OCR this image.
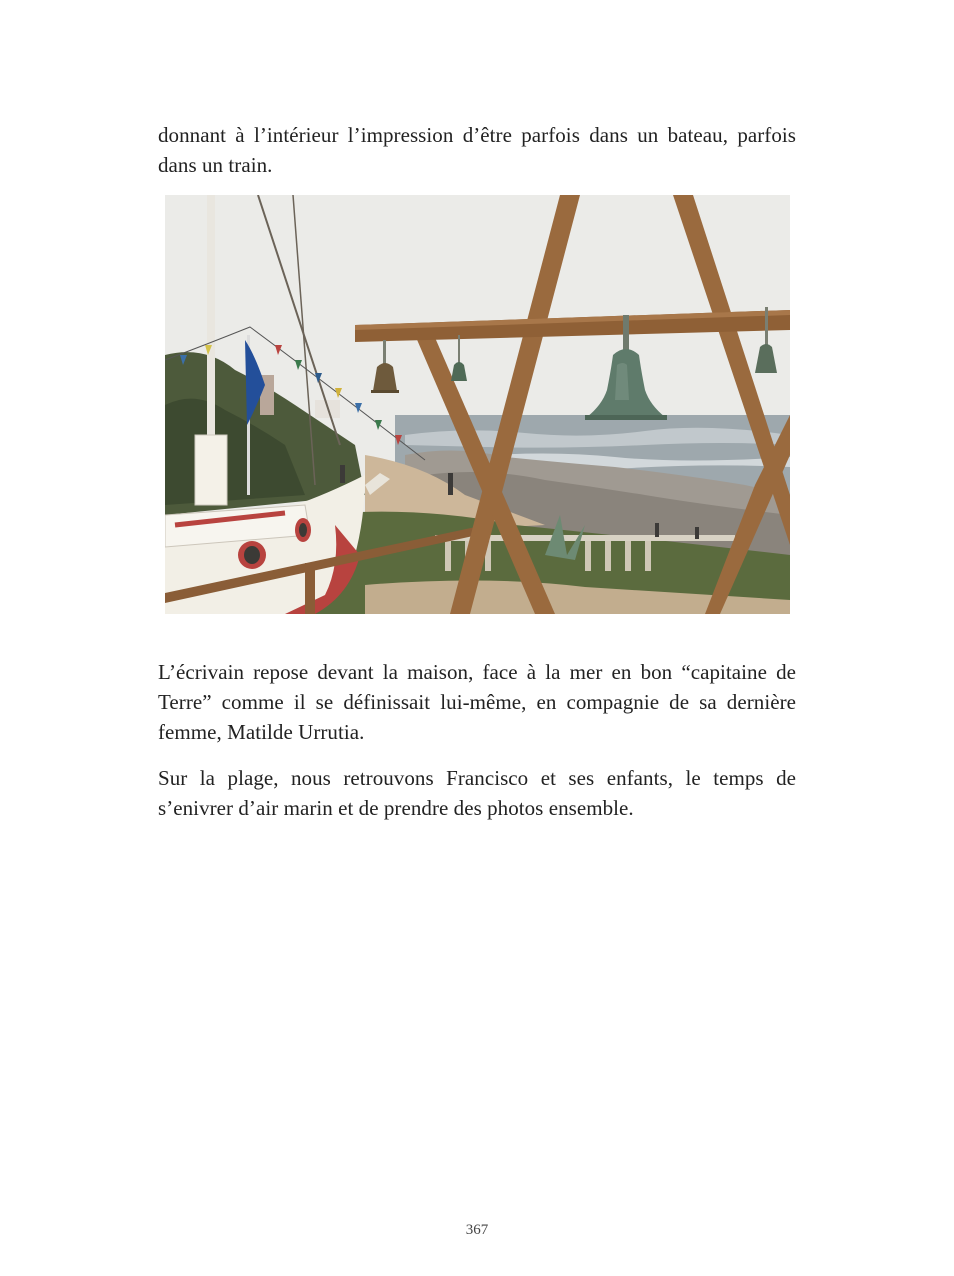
donnant à l’intérieur l’impression d’être parfois dans un bateau, parfois dans un train.

L’écrivain repose devant la maison, face à la mer en bon “capitaine de Terre” comme il se définissait lui-même, en compagnie de sa dernière femme, Matilde Urrutia.

Sur la plage, nous retrouvons Francisco et ses enfants, le temps de s’enivrer d’air marin et de prendre des photos ensemble.

367
